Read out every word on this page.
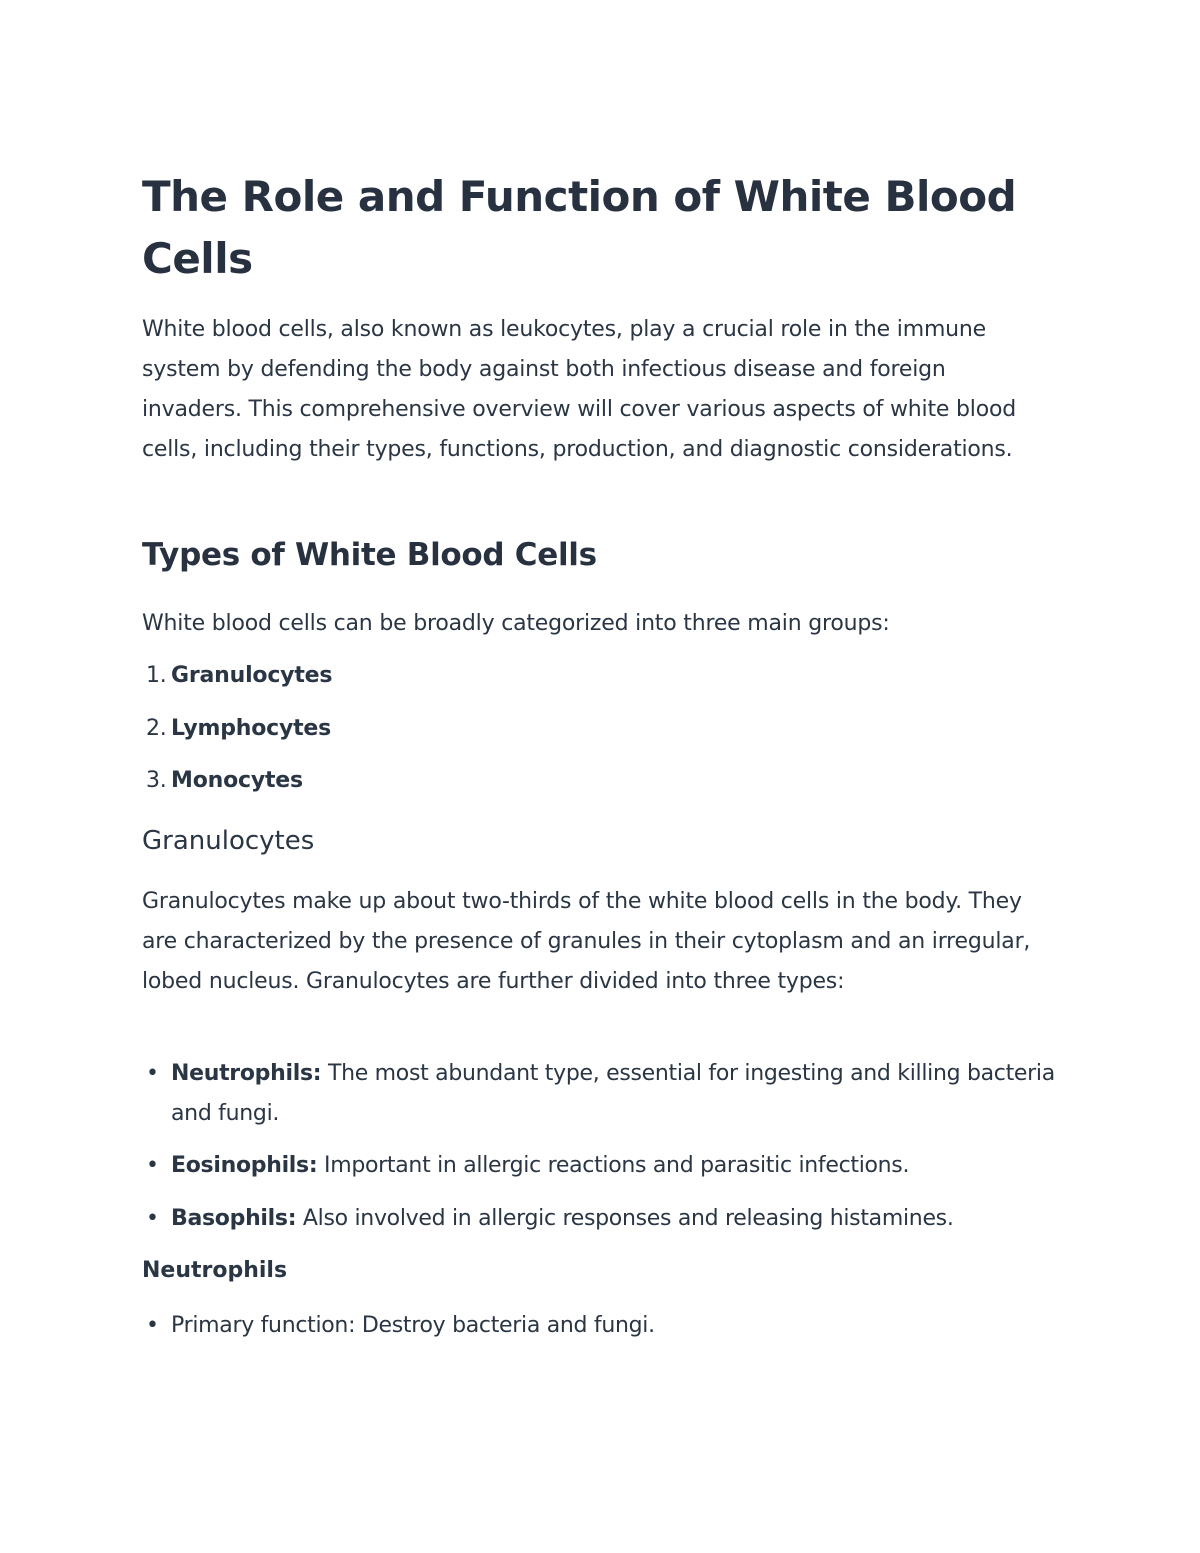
The Role and Function of White Blood Cells

White blood cells, also known as leukocytes, play a crucial role in the immune system by defending the body against both infectious disease and foreign invaders. This comprehensive overview will cover various aspects of white blood cells, including their types, functions, production, and diagnostic considerations.

Types of White Blood Cells

White blood cells can be broadly categorized into three main groups:

1. Granulocytes
2. Lymphocytes
3. Monocytes
Granulocytes

Granulocytes make up about two-thirds of the white blood cells in the body. They are characterized by the presence of granules in their cytoplasm and an irregular, lobed nucleus. Granulocytes are further divided into three types:

• Neutrophils: The most abundant type, essential for ingesting and killing bacteria and fungi.
• Eosinophils: Important in allergic reactions and parasitic infections.
• Basophils: Also involved in allergic responses and releasing histamines.
Neutrophils
• Primary function: Destroy bacteria and fungi.
